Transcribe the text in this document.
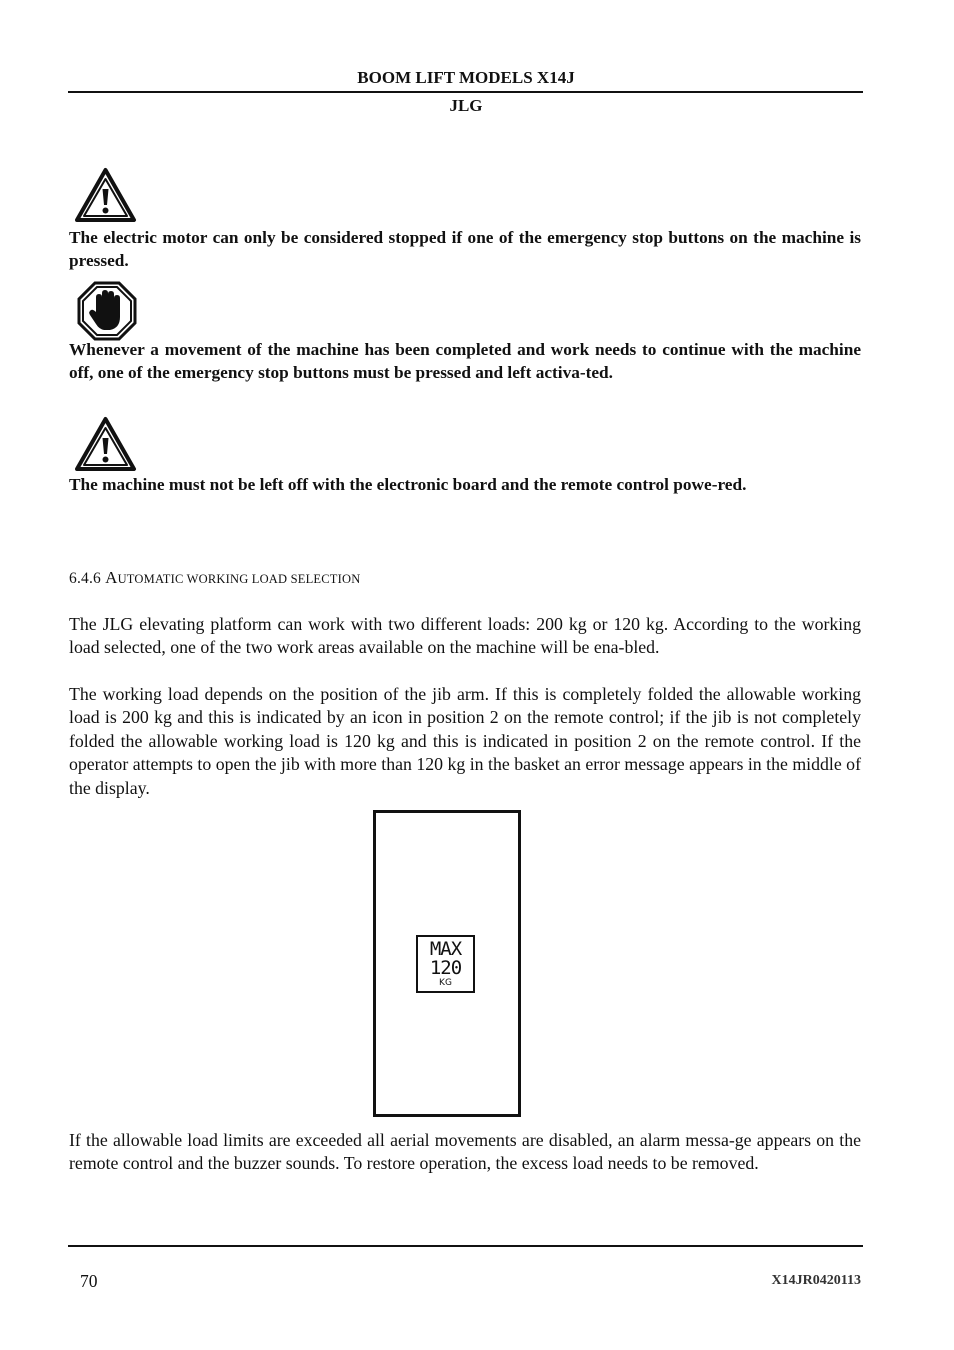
BOOM LIFT MODELS X14J
JLG
The electric motor can only be considered stopped if one of the emergency stop buttons on the machine is pressed.
Whenever a movement of the machine has been completed and work needs to continue with the machine off, one of the emergency stop buttons must be pressed and left activa-ted.
The machine must not be left off with the electronic board and the remote control powe-red.
6.4.6 AUTOMATIC WORKING LOAD SELECTION
The JLG elevating platform can work with two different loads: 200 kg or 120 kg. According to the working load selected, one of the two work areas available on the machine will be ena-bled.
The working load depends on the position of the jib arm. If this is completely folded the allowable working load is 200 kg and this is indicated by an icon in position 2 on the remote control; if the jib is not completely folded the allowable working load is 120 kg and this is indicated in position 2 on the remote control. If the operator attempts to open the jib with more than 120 kg in the basket an error message appears in the middle of the display.
MAX
120
KG
If the allowable load limits are exceeded all aerial movements are disabled, an alarm messa-ge appears on the remote control and the buzzer sounds. To restore operation, the excess load needs to be removed.
70	X14JR0420113
